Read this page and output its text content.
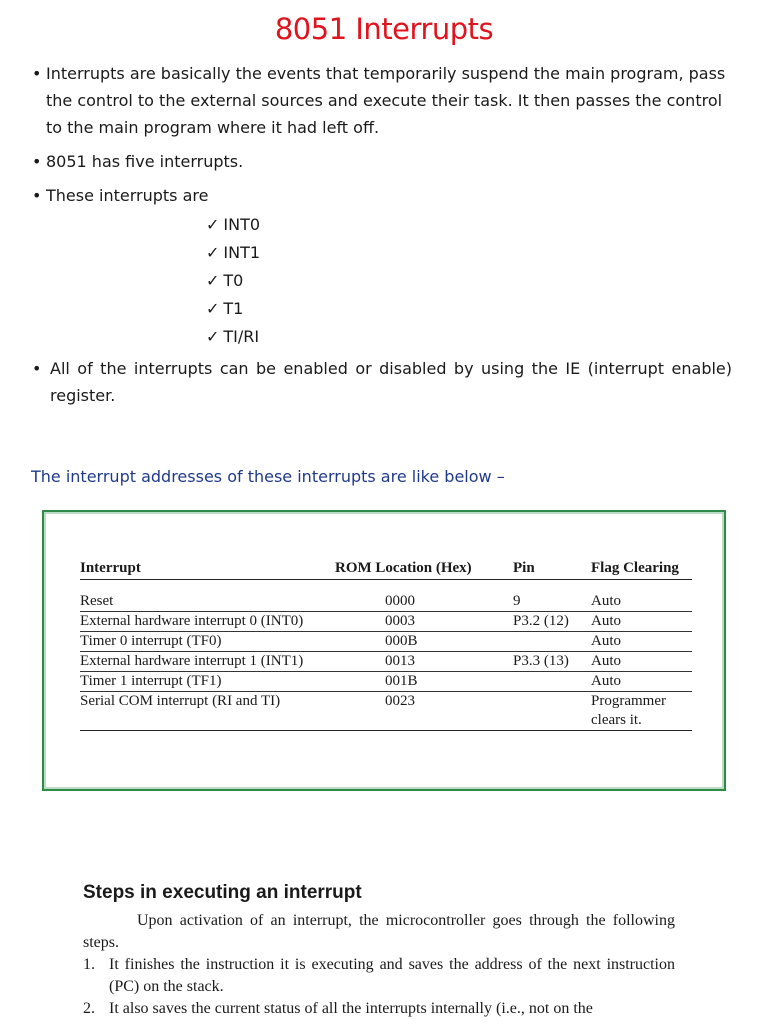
8051 Interrupts
• Interrupts are basically the events that temporarily suspend the main program, pass the control to the external sources and execute their task. It then passes the control to the main program where it had left off.
• 8051 has five interrupts.
• These interrupts are
✓ INT0
✓ INT1
✓ T0
✓ T1
✓ TI/RI
• All of the interrupts can be enabled or disabled by using the IE (interrupt enable) register.
The interrupt addresses of these interrupts are like below –
Interrupt	ROM Location (Hex)	Pin	Flag Clearing
Reset	0000	9	Auto
External hardware interrupt 0 (INT0)	0003	P3.2 (12)	Auto
Timer 0 interrupt (TF0)	000B		Auto
External hardware interrupt 1 (INT1)	0013	P3.3 (13)	Auto
Timer 1 interrupt (TF1)	001B		Auto
Serial COM interrupt (RI and TI)	0023		Programmer clears it.
Steps in executing an interrupt

Upon activation of an interrupt, the microcontroller goes through the following steps.

1. It finishes the instruction it is executing and saves the address of the next instruction (PC) on the stack.
2. It also saves the current status of all the interrupts internally (i.e., not on the
